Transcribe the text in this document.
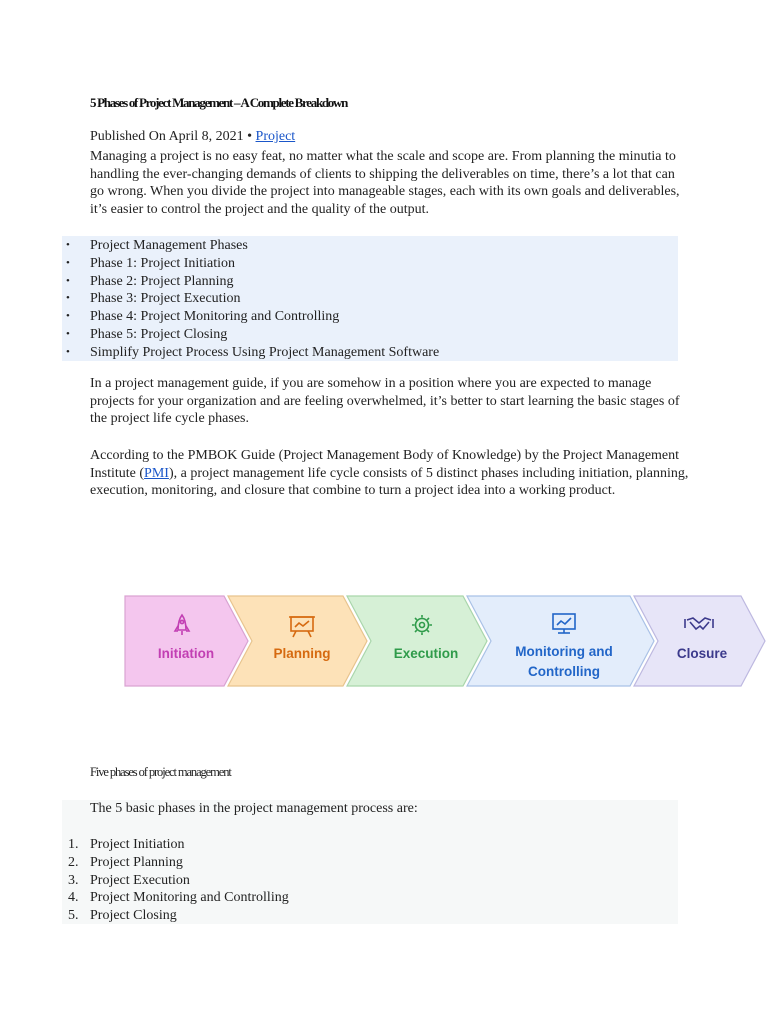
5 Phases of Project Management – A Complete Breakdown
Published On April 8, 2021 • Project
Managing a project is no easy feat, no matter what the scale and scope are. From planning the minutia to handling the ever-changing demands of clients to shipping the deliverables on time, there’s a lot that can go wrong. When you divide the project into manageable stages, each with its own goals and deliverables, it’s easier to control the project and the quality of the output.
• Project Management Phases
• Phase 1: Project Initiation
• Phase 2: Project Planning
• Phase 3: Project Execution
• Phase 4: Project Monitoring and Controlling
• Phase 5: Project Closing
• Simplify Project Process Using Project Management Software
In a project management guide, if you are somehow in a position where you are expected to manage projects for your organization and are feeling overwhelmed, it’s better to start learning the basic stages of the project life cycle phases.
According to the PMBOK Guide (Project Management Body of Knowledge) by the Project Management Institute (PMI), a project management life cycle consists of 5 distinct phases including initiation, planning, execution, monitoring, and closure that combine to turn a project idea into a working product.
Initiation	Planning	Execution	Monitoring and
Controlling
Closure
Five phases of project management
The 5 basic phases in the project management process are:
1. Project Initiation
2. Project Planning
3. Project Execution
4. Project Monitoring and Controlling
5. Project Closing
